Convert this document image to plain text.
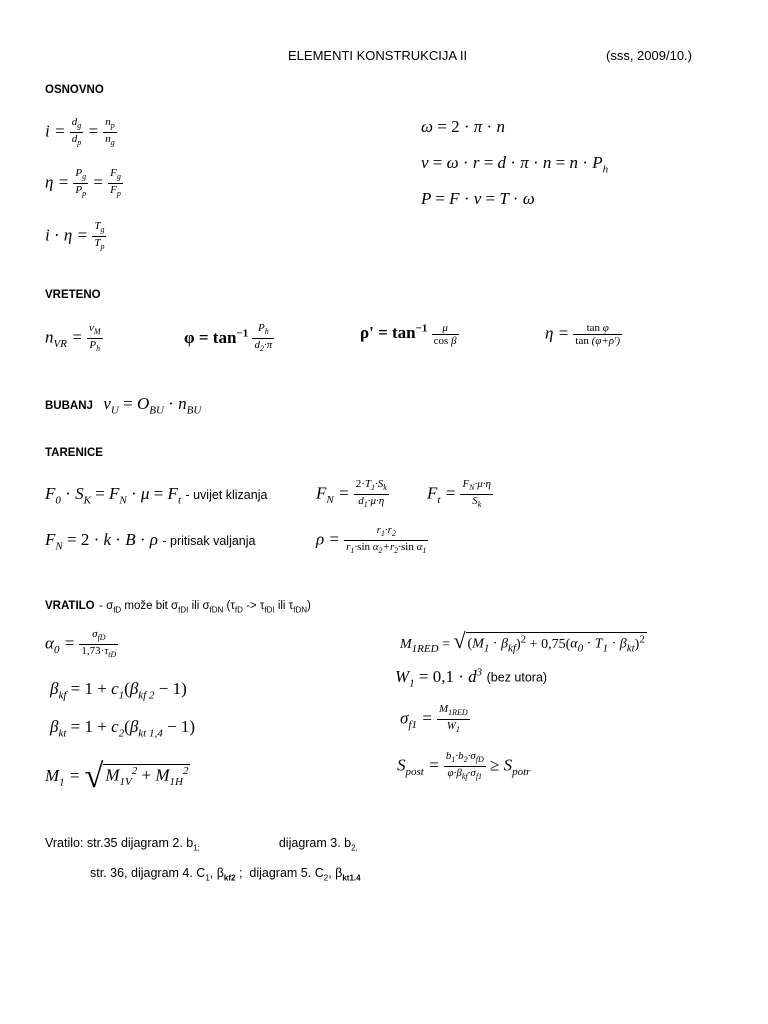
ELEMENTI KONSTRUKCIJA II	(sss, 2009/10.)
OSNOVNO
$i = \frac{d_g}{d_p} = \frac{n_p}{n_g}$
$\eta = \frac{P_g}{P_p} = \frac{F_g}{F_p}$
$i \cdot \eta = \frac{T_g}{T_p}$
ω = 2 · π · n
$v = \omega \cdot r = d \cdot \pi \cdot n = n \cdot P_h$
P = F · v = T · ω
VRETENO
$n_{VR} = \frac{v_M}{P_h}$	$\varphi = \tan^{-1} \frac{P_h}{d_2\cdot\pi}$	$\rho' = \tan^{-1} \frac{\mu}{\text{cos β}}$	$\eta = \frac{\text{tan φ}}{\tan (\varphi+\rho')}$
BUBANJ $v_U = O_{BU} \cdot n_{BU}$
TARENICE
$F_0 \cdot S_K = F_N \cdot \mu = F_t$ - uvijet klizanja	$F_N = \frac{2\cdot T_1\cdot S_k}{d_1\cdot\mu\cdot\eta} F_t = \frac{F_N\cdot\mu\cdot\eta}{S_k}$
$F_N = 2 \cdot k \cdot B \cdot \rho$ - pritisak valjanja	$\rho = \frac{r_1\cdot r_2}{r_1\cdot\sin \alpha_2+r_2\cdot\sin \alpha_1}$
VRATILO - $\sigma_{fD}$ može bit $\sigma_{fDI}$ ili $\sigma_{fDN}$ ($\tau_{fD} -> \tau_{fDI}$ ili $\tau_{fDN}$)
$\alpha_0 = \frac{\sigma_{fD}}{1,73\cdot\tau_{tD}}$
$\beta_{kf} = 1 + c_1(\beta_{kf 2} - 1)$
$\beta_{kt} = 1 + c_2(\beta_{kt 1,4} - 1)$
$M_1$ = √ $M_{1V}^2 + M_{1H}^2$
$M_{1RED}$ = √ $(M_1 \cdot \beta_{kf})^2 + 0,75(\alpha_0 \cdot T_1 \cdot \beta_{kt})^2$
$W_1 = 0,1 \cdot d^3$ (bez utora)
$\sigma_{f1} = \frac{M_{1RED}}{W_1}$
$S_{post} = \frac{b_1\cdot b_2\cdot\sigma_{fD}}{\varphi\cdot\beta_{kf}\cdot\sigma_{f1}} \ge S_{potr}$
Vratilo: str.35 dijagram 2. $b_{1;}$	dijagram 3. $b_{2,}$
str. 36, dijagram 4. $C_1$, $\beta_{kf2}$ ;  dijagram 5. $C_2$, $\beta_{kt1.4}$
